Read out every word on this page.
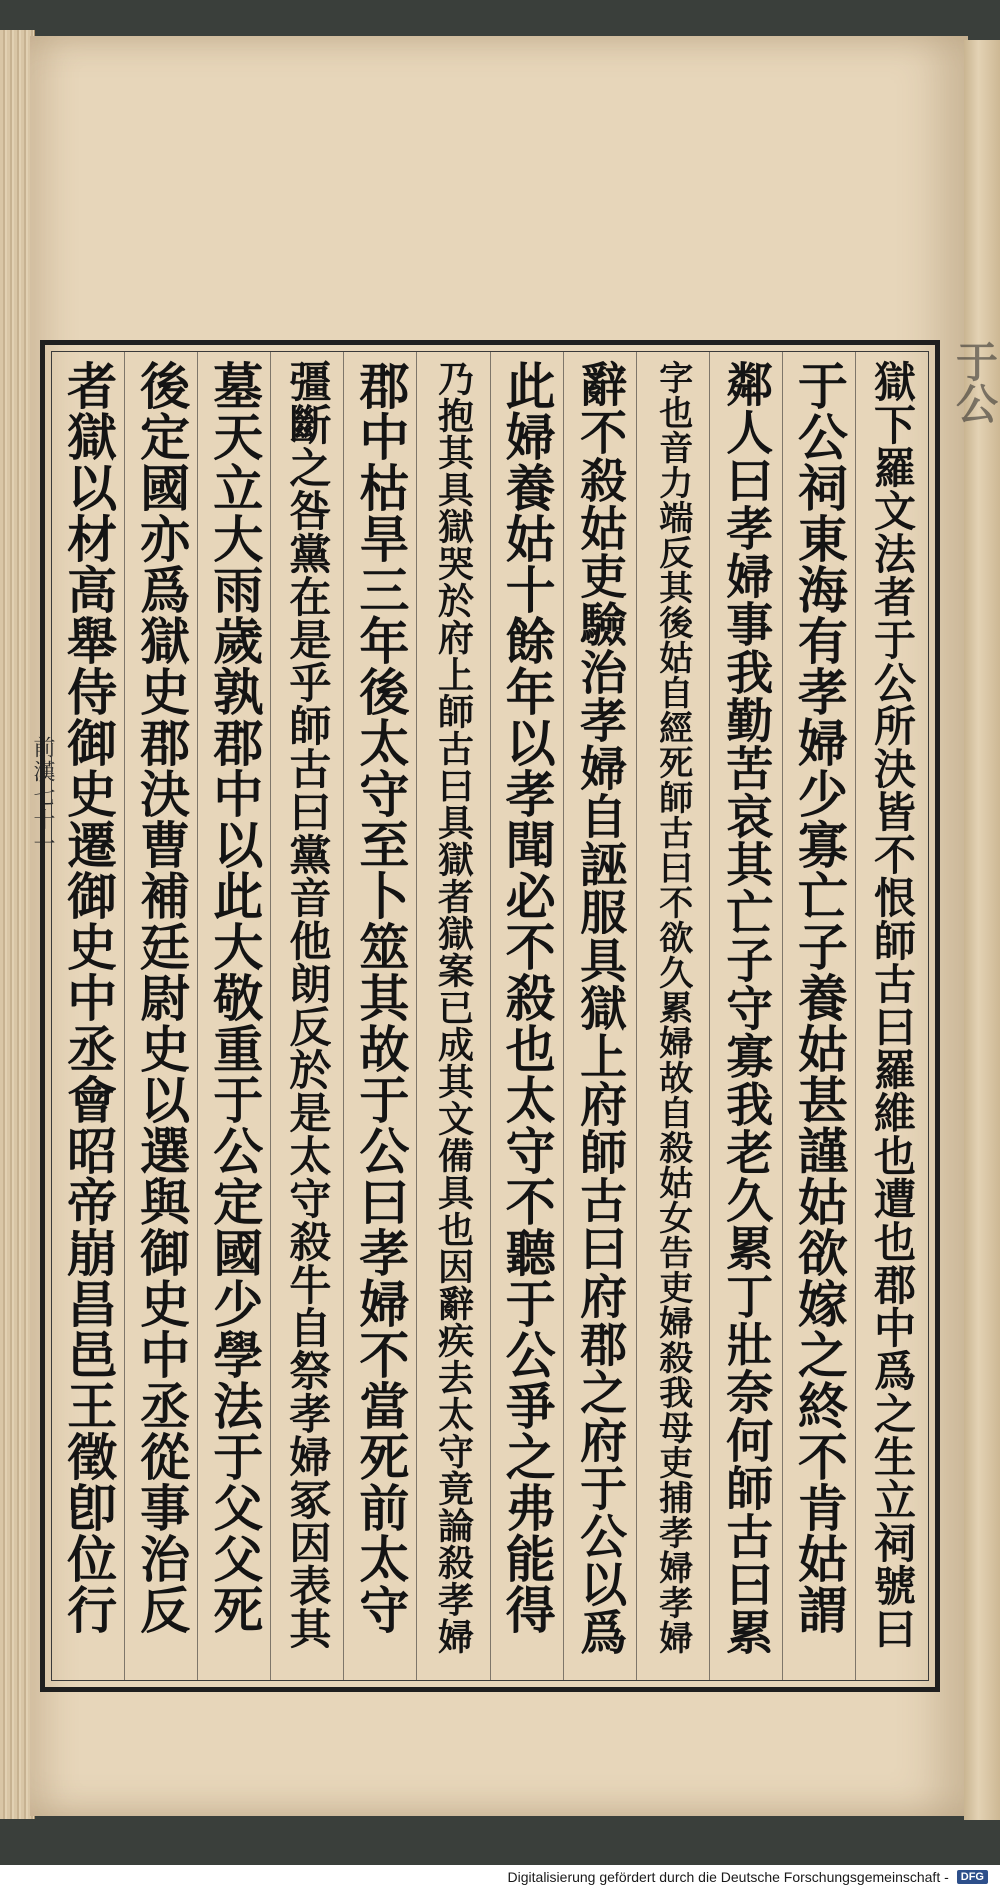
前漢七十一
于公
獄下羅文法者于公所決皆不恨師古曰羅維也遭也郡中爲之生立祠號曰
于公祠東海有孝婦少寡亡子養姑甚謹姑欲嫁之終不肯姑謂
鄰人曰孝婦事我勤苦哀其亡子守寡我老久累丁壯奈何師古曰累
字也音力端反其後姑自經死師古曰不欲久累婦故自殺姑女告吏婦殺我母吏捕孝婦孝婦
辭不殺姑吏驗治孝婦自誣服具獄上府師古曰府郡之府于公以爲
此婦養姑十餘年以孝聞必不殺也太守不聽于公爭之弗能得
乃抱其具獄哭於府上師古曰具獄者獄案已成其文備具也因辭疾去太守竟論殺孝婦
郡中枯旱三年後太守至卜筮其故于公曰孝婦不當死前太守
彊斷之咎黨在是乎師古曰黨音他朗反於是太守殺牛自祭孝婦冢因表其
墓天立大雨歲孰郡中以此大敬重于公定國少學法于父父死
後定國亦爲獄史郡決曹補廷尉史以選與御史中丞從事治反
者獄以材高舉侍御史遷御史中丞會昭帝崩昌邑王徵卽位行
Digitalisierung gefördert durch die Deutsche Forschungsgemeinschaft -	DFG
